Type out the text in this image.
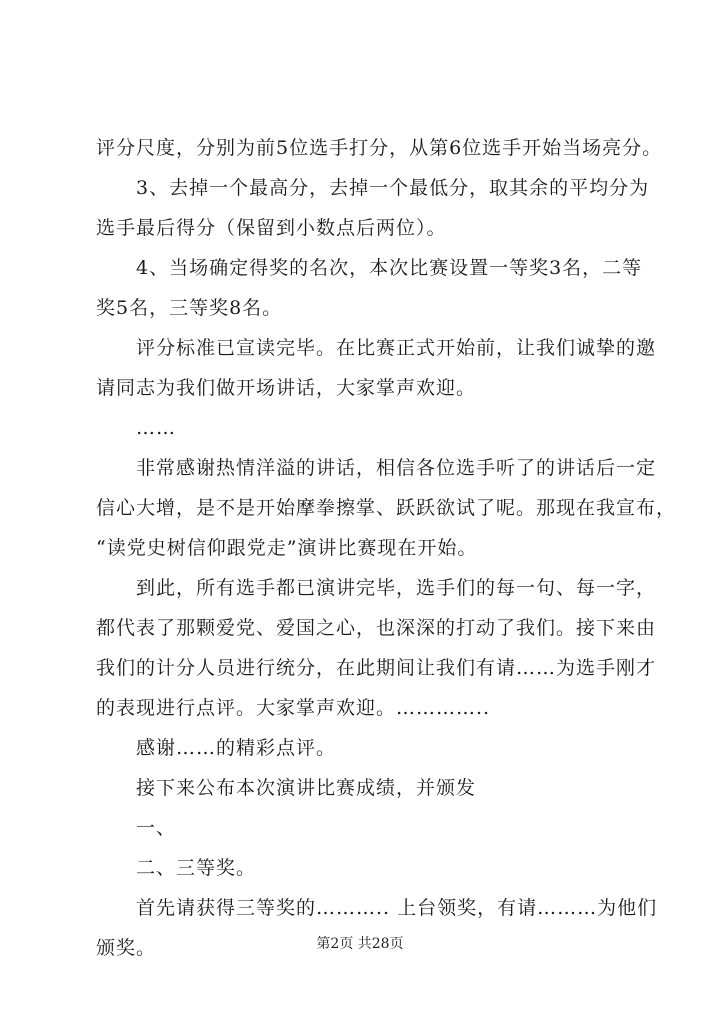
评分尺度，分别为前5位选手打分，从第6位选手开始当场亮分。
3、去掉一个最高分，去掉一个最低分，取其余的平均分为
选手最后得分（保留到小数点后两位）。
4、当场确定得奖的名次，本次比赛设置一等奖3名，二等
奖5名，三等奖8名。
评分标准已宣读完毕。在比赛正式开始前，让我们诚挚的邀
请同志为我们做开场讲话，大家掌声欢迎。
……
非常感谢热情洋溢的讲话，相信各位选手听了的讲话后一定
信心大增，是不是开始摩拳擦掌、跃跃欲试了呢。那现在我宣布，
“读党史树信仰跟党走”演讲比赛现在开始。
到此，所有选手都已演讲完毕，选手们的每一句、每一字，
都代表了那颗爱党、爱国之心，也深深的打动了我们。接下来由
我们的计分人员进行统分，在此期间让我们有请……为选手刚才
的表现进行点评。大家掌声欢迎。…………..
感谢……的精彩点评。
接下来公布本次演讲比赛成绩，并颁发
一、
二、三等奖。
首先请获得三等奖的……….. 上台领奖，有请………为他们
颁奖。	第2页 共28页
